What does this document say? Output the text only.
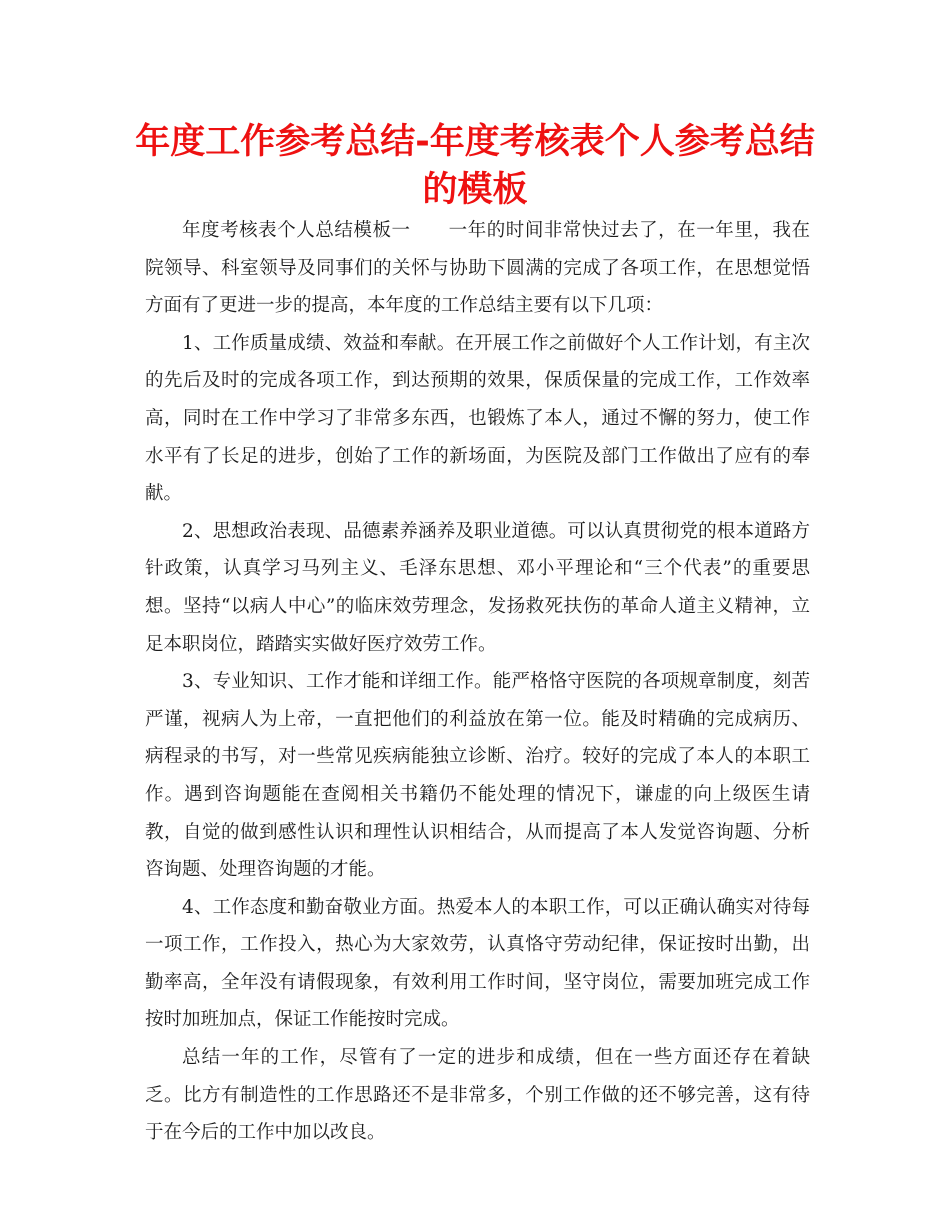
年度工作参考总结-年度考核表个人参考总结的模板

年度考核表个人总结模板一　　一年的时间非常快过去了，在一年里，我在院领导、科室领导及同事们的关怀与协助下圆满的完成了各项工作，在思想觉悟方面有了更进一步的提高，本年度的工作总结主要有以下几项：

1、工作质量成绩、效益和奉献。在开展工作之前做好个人工作计划，有主次的先后及时的完成各项工作，到达预期的效果，保质保量的完成工作，工作效率高，同时在工作中学习了非常多东西，也锻炼了本人，通过不懈的努力，使工作水平有了长足的进步，创始了工作的新场面，为医院及部门工作做出了应有的奉献。

2、思想政治表现、品德素养涵养及职业道德。可以认真贯彻党的根本道路方针政策，认真学习马列主义、毛泽东思想、邓小平理论和“三个代表”的重要思想。坚持“以病人中心”的临床效劳理念，发扬救死扶伤的革命人道主义精神，立足本职岗位，踏踏实实做好医疗效劳工作。

3、专业知识、工作才能和详细工作。能严格恪守医院的各项规章制度，刻苦严谨，视病人为上帝，一直把他们的利益放在第一位。能及时精确的完成病历、病程录的书写，对一些常见疾病能独立诊断、治疗。较好的完成了本人的本职工作。遇到咨询题能在查阅相关书籍仍不能处理的情况下，谦虚的向上级医生请教，自觉的做到感性认识和理性认识相结合，从而提高了本人发觉咨询题、分析咨询题、处理咨询题的才能。

4、工作态度和勤奋敬业方面。热爱本人的本职工作，可以正确认确实对待每一项工作，工作投入，热心为大家效劳，认真恪守劳动纪律，保证按时出勤，出勤率高，全年没有请假现象，有效利用工作时间，坚守岗位，需要加班完成工作按时加班加点，保证工作能按时完成。

总结一年的工作，尽管有了一定的进步和成绩，但在一些方面还存在着缺乏。比方有制造性的工作思路还不是非常多，个别工作做的还不够完善，这有待于在今后的工作中加以改良。
